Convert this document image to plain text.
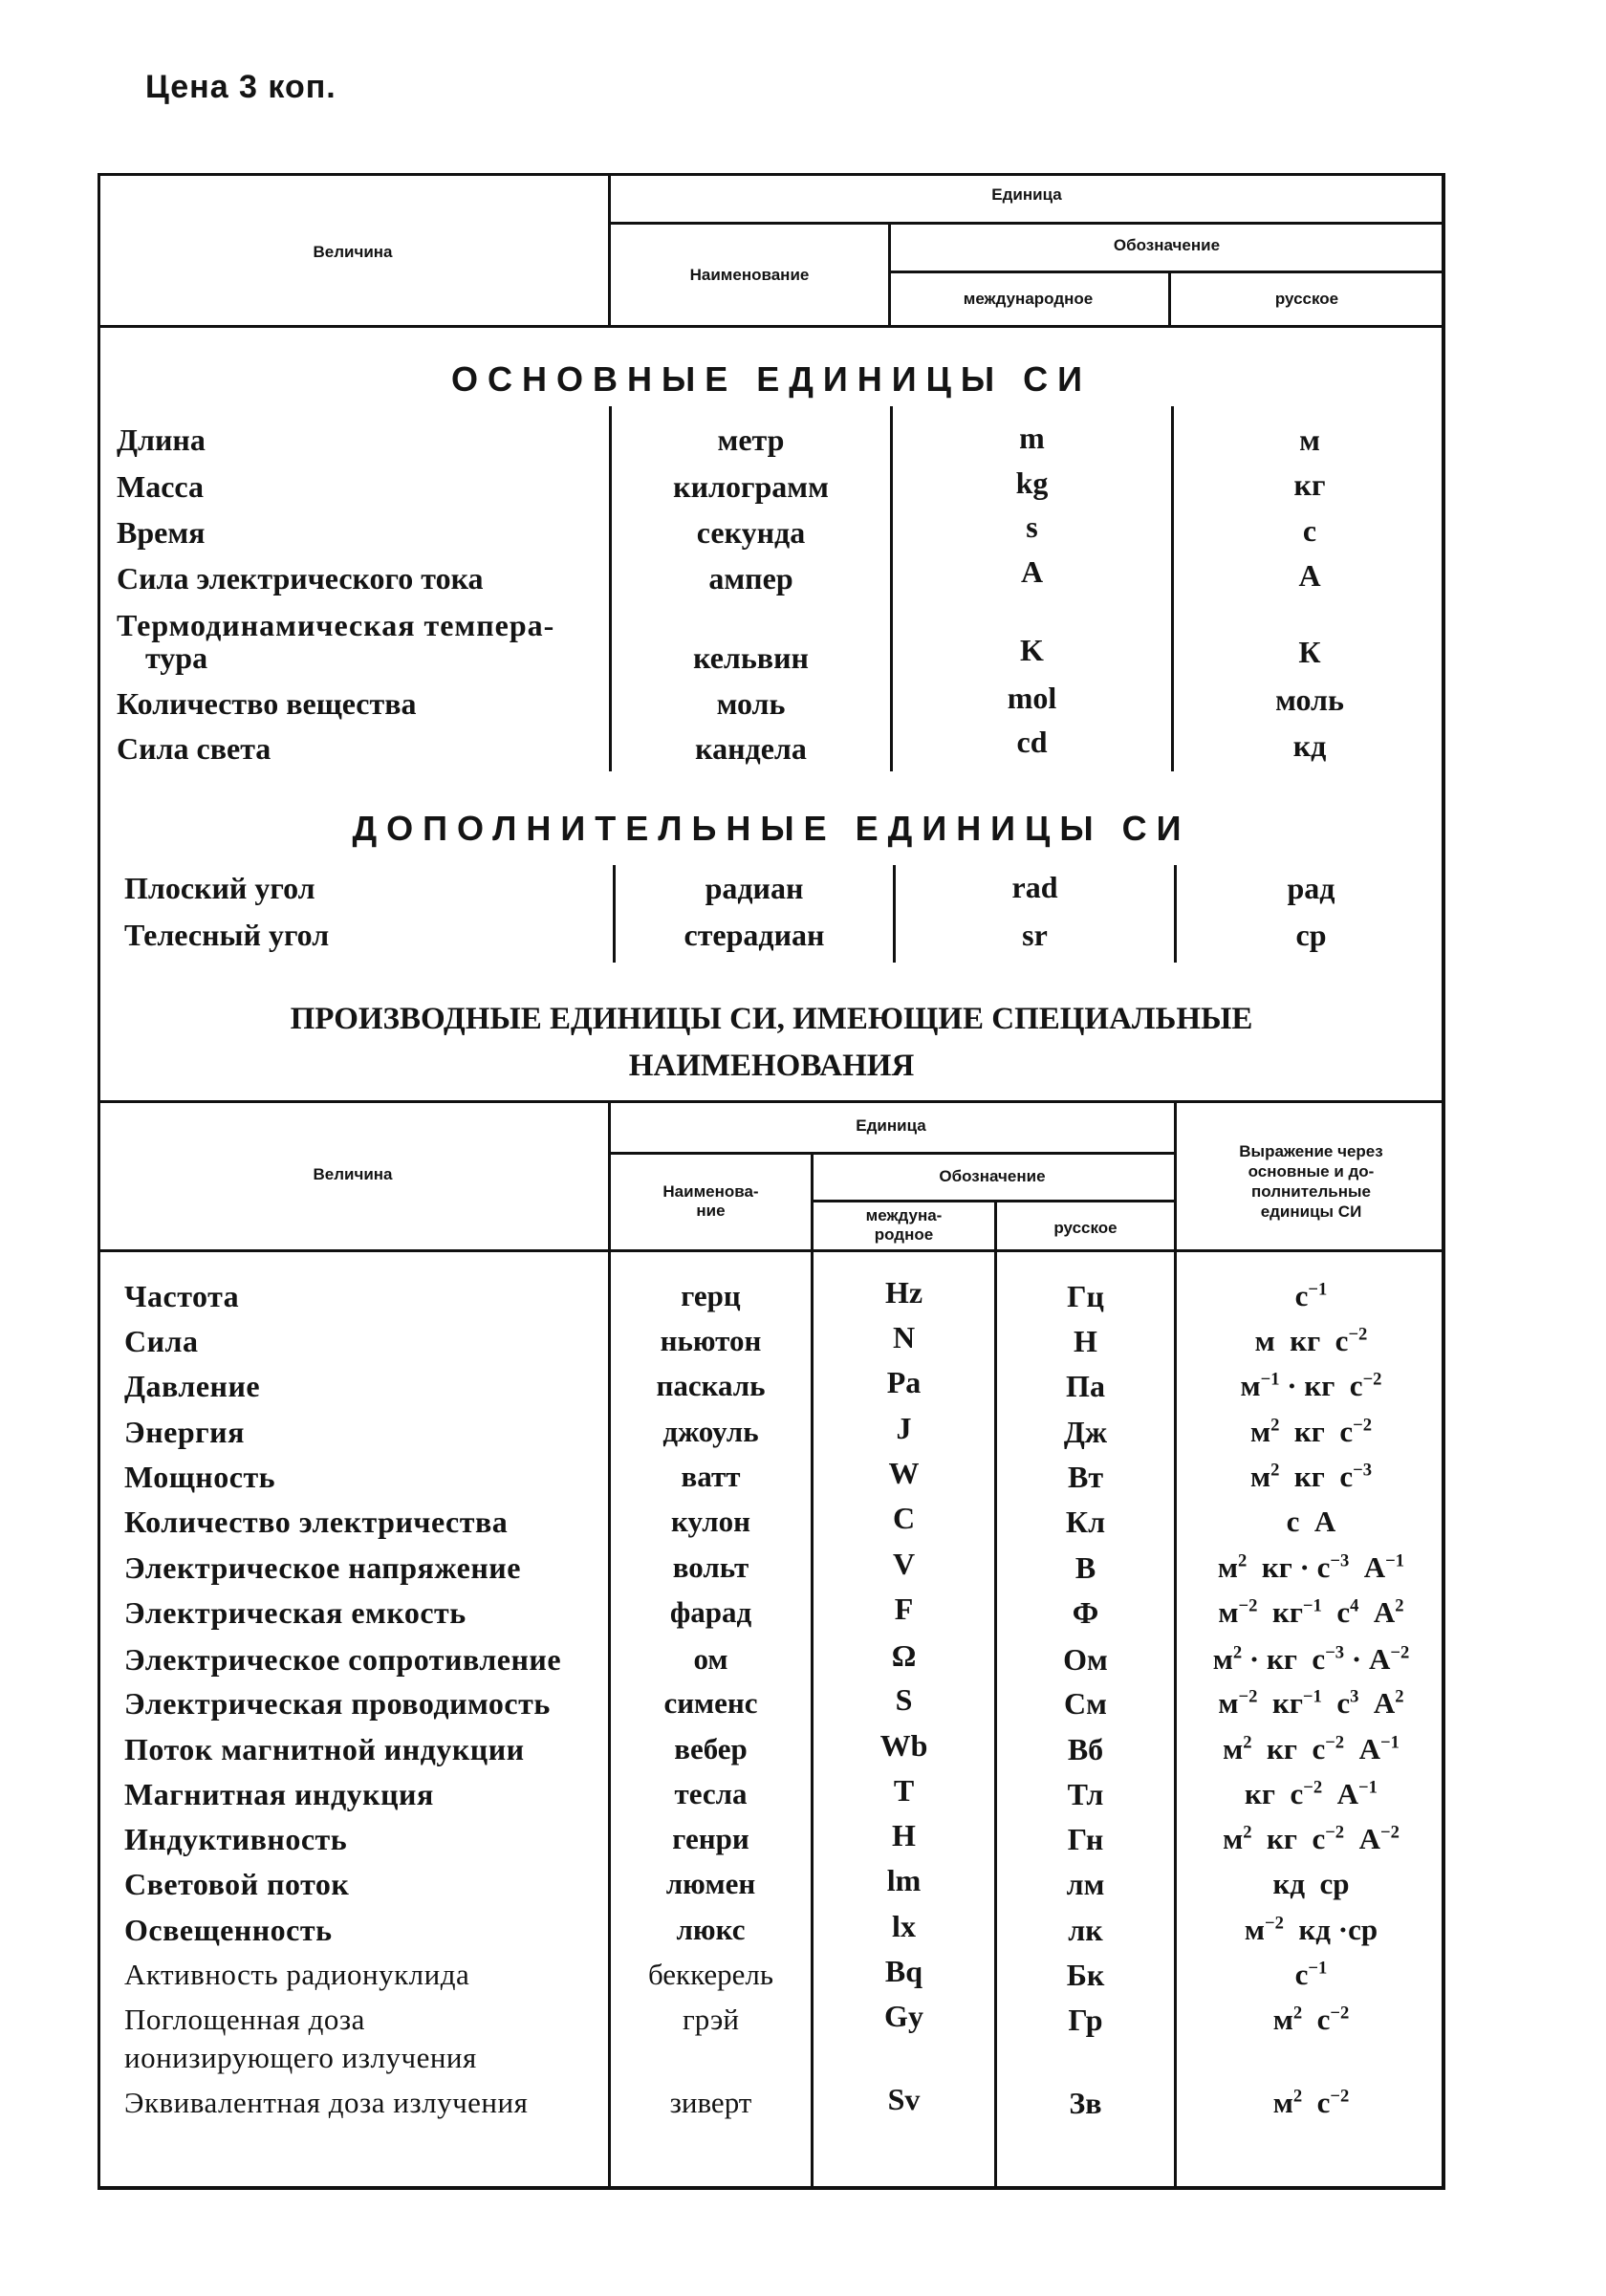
Цена 3 коп.
Величина
Единица
Наименование
Обозначение
международное	русское
ОСНОВНЫЕ ЕДИНИЦЫ СИ
Длина	метр	m	м
Масса	килограмм	kg	кг
Время	секунда	s	с
Сила электрического тока	ампер	A	А
Термодинамическая темпера-
тура	кельвин	K	К
Количество вещества	моль	mol	моль
Сила света	кандела	cd	кд
ДОПОЛНИТЕЛЬНЫЕ ЕДИНИЦЫ СИ
Плоский угол	радиан	rad	рад
Телесный угол	стерадиан	sr	ср
ПРОИЗВОДНЫЕ ЕДИНИЦЫ СИ, ИМЕЮЩИЕ СПЕЦИАЛЬНЫЕ
НАИМЕНОВАНИЯ
Величина
Единица
Наименова-
ние
Обозначение
междуна-
родное	русское
Выражение через
основные и до-
полнительные
единицы СИ
Частота	герц	Hz	Гц	$с^{-1}$
Сила	ньютон	N	Н	м  кг  $с^{-2}$
Давление	паскаль	Pa	Па	$м^{-1}$ · кг  $с^{-2}$
Энергия	джоуль	J	Дж	$м^2$  кг  $с^{-2}$
Мощность	ватт	W	Вт	$м^2$  кг  $с^{-3}$
Количество электричества	кулон	C	Кл	с  А
Электрическое напряжение	вольт	V	В	$м^2$  кг · $с^{-3}$  $А^{-1}$
Электрическая емкость	фарад	F	Ф	$м^{-2}$  $кг^{-1}$  $с^4$  $А^2$
Электрическое сопротивление	ом	Ω	Ом	$м^2$ · кг  $с^{-3} \cdot А^{-2}$
Электрическая проводимость	сименс	S	См	$м^{-2}$  $кг^{-1}$  $с^3$  $А^2$
Поток магнитной индукции	вебер	Wb	Вб	$м^2$  кг  $с^{-2}$  $А^{-1}$
Магнитная индукция	тесла	T	Тл	кг  $с^{-2}$  $А^{-1}$
Индуктивность	генри	H	Гн	$м^2$  кг  $с^{-2}$  $А^{-2}$
Световой поток	люмен	lm	лм	кд  ср
Освещенность	люкс	lx	лк	$м^{-2}$  кд ·ср
Активность радионуклида	беккерель	Bq	Бк	$с^{-1}$
Поглощенная доза
ионизирующего излучения
грэй	Gy	Гр	$м^2$  $с^{-2}$
Эквивалентная доза излучения	зиверт	Sv	Зв	$м^2$  $с^{-2}$
